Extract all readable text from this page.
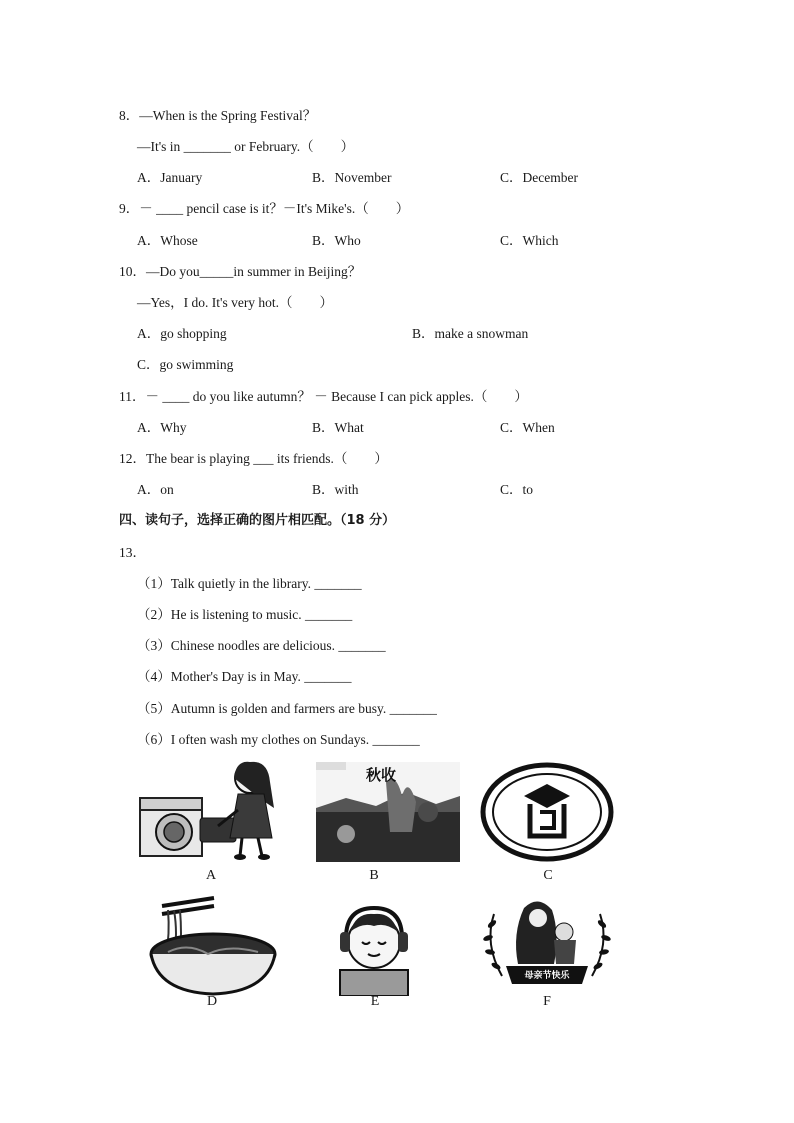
8．—When is the Spring Festival？
—It's in _______ or February.（　　）
A．January	B．November	C．December
9．－ ____ pencil case is it？－It's Mike's.（　　）
A．Whose	B．Who	C．Which
10．—Do you_____in summer in Beijing？
—Yes，I do. It's very hot.（　　）
A．go shopping	B．make a snowman
C．go swimming
11．－ ____ do you like autumn？ － Because I can pick apples.（　　）
A．Why	B．What	C．When
12．The bear is playing ___ its friends.（　　）
A．on	B．with	C．to
四、读句子，选择正确的图片相匹配。（18 分）
13．
（1）Talk quietly in the library. _______
（2）He is listening to music. _______
（3）Chinese noodles are delicious. _______
（4）Mother's Day is in May. _______
（5）Autumn is golden and farmers are busy. _______
（6）I often wash my clothes on Sundays. _______
A
秋收
B	C
D	E
母亲节快乐
F
